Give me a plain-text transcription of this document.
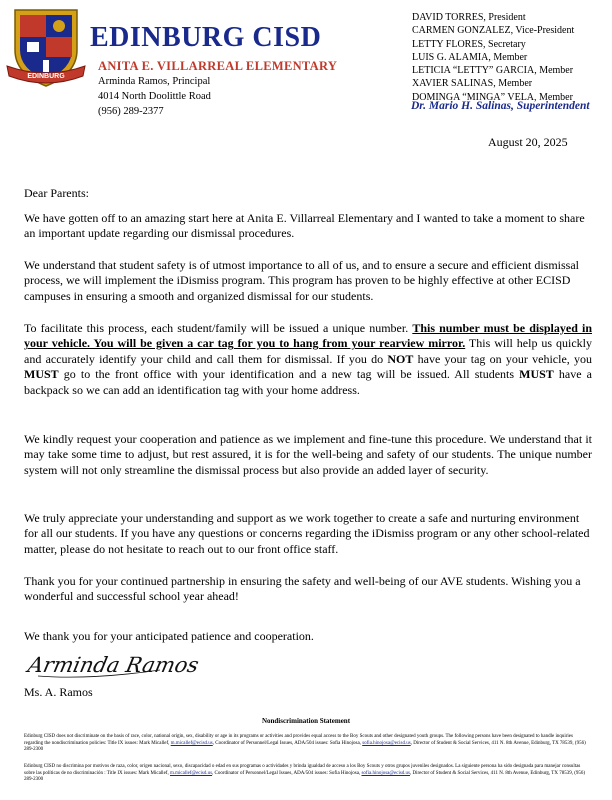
EDINBURG
EDINBURG CISD
ANITA E. VILLARREAL ELEMENTARY
Arminda Ramos, Principal
4014 North Doolittle Road
(956) 289-2377
DAVID TORRES, President
CARMEN GONZALEZ, Vice-President
LETTY FLORES, Secretary
LUIS G. ALAMIA, Member
LETICIA “LETTY” GARCIA, Member
XAVIER SALINAS, Member
DOMINGA “MINGA” VELA, Member
Dr. Mario H. Salinas, Superintendent
August 20, 2025
Dear Parents:

We have gotten off to an amazing start here at Anita E. Villarreal Elementary and I wanted to take a moment to share an important update regarding our dismissal procedures.

We understand that student safety is of utmost importance to all of us, and to ensure a secure and efficient dismissal process, we will implement the iDismiss program. This program has proven to be highly effective at other ECISD campuses in ensuring a smooth and organized dismissal for our students.

To facilitate this process, each student/family will be issued a unique number. This number must be displayed in your vehicle. You will be given a car tag for you to hang from your rearview mirror. This will help us quickly and accurately identify your child and call them for dismissal. If you do NOT have your tag on your vehicle, you MUST go to the front office with your identification and a new tag will be issued. All students MUST have a backpack so we can add an identification tag with your home address.

We kindly request your cooperation and patience as we implement and fine-tune this procedure. We understand that it may take some time to adjust, but rest assured, it is for the well-being and safety of our students. The unique number system will not only streamline the dismissal process but also provide an added layer of security.

We truly appreciate your understanding and support as we work together to create a safe and nurturing environment for all our students. If you have any questions or concerns regarding the iDismiss program or any other school-related matter, please do not hesitate to reach out to our front office staff.

Thank you for your continued partnership in ensuring the safety and well-being of our AVE students. Wishing you a wonderful and successful school year ahead!

We thank you for your anticipated patience and cooperation.
Arminda Ramos
Ms. A. Ramos
Nondiscrimination Statement
Edinburg CISD does not discriminate on the basis of race, color, national origin, sex, disability or age in its programs or activities and provides equal access to the Boy Scouts and other designated youth groups. The following persons have been designated to handle inquiries regarding the nondiscrimination policies: Title IX issues: Mark Micallef, m.micallef@ecisd.us, Coordinator of Personnel/Legal Issues, ADA/504 issues: Sofia Hinojosa, sofia.hinojosa@ecisd.us, Director of Student & Social Services, 411 N. 8th Avenue, Edinburg, TX 78539, (956) 289-2300
Edinburg CISD no discrimina por motivos de raza, color, origen nacional, sexo, discapacidad o edad en sus programas o actividades y brinda igualdad de acceso a los Boy Scouts y otros grupos juveniles designados. La siguiente persona ha sido designada para manejar consultas sobre las políticas de no discriminación : Title IX issues: Mark Micallef, m.micallef@ecisd.us, Coordinator of Personnel/Legal Issues, ADA/504 issues: Sofia Hinojosa, sofia.hinojosa@ecisd.us, Director of Student & Social Services, 411 N. 8th Avenue, Edinburg, TX 78539, (956) 289-2300
